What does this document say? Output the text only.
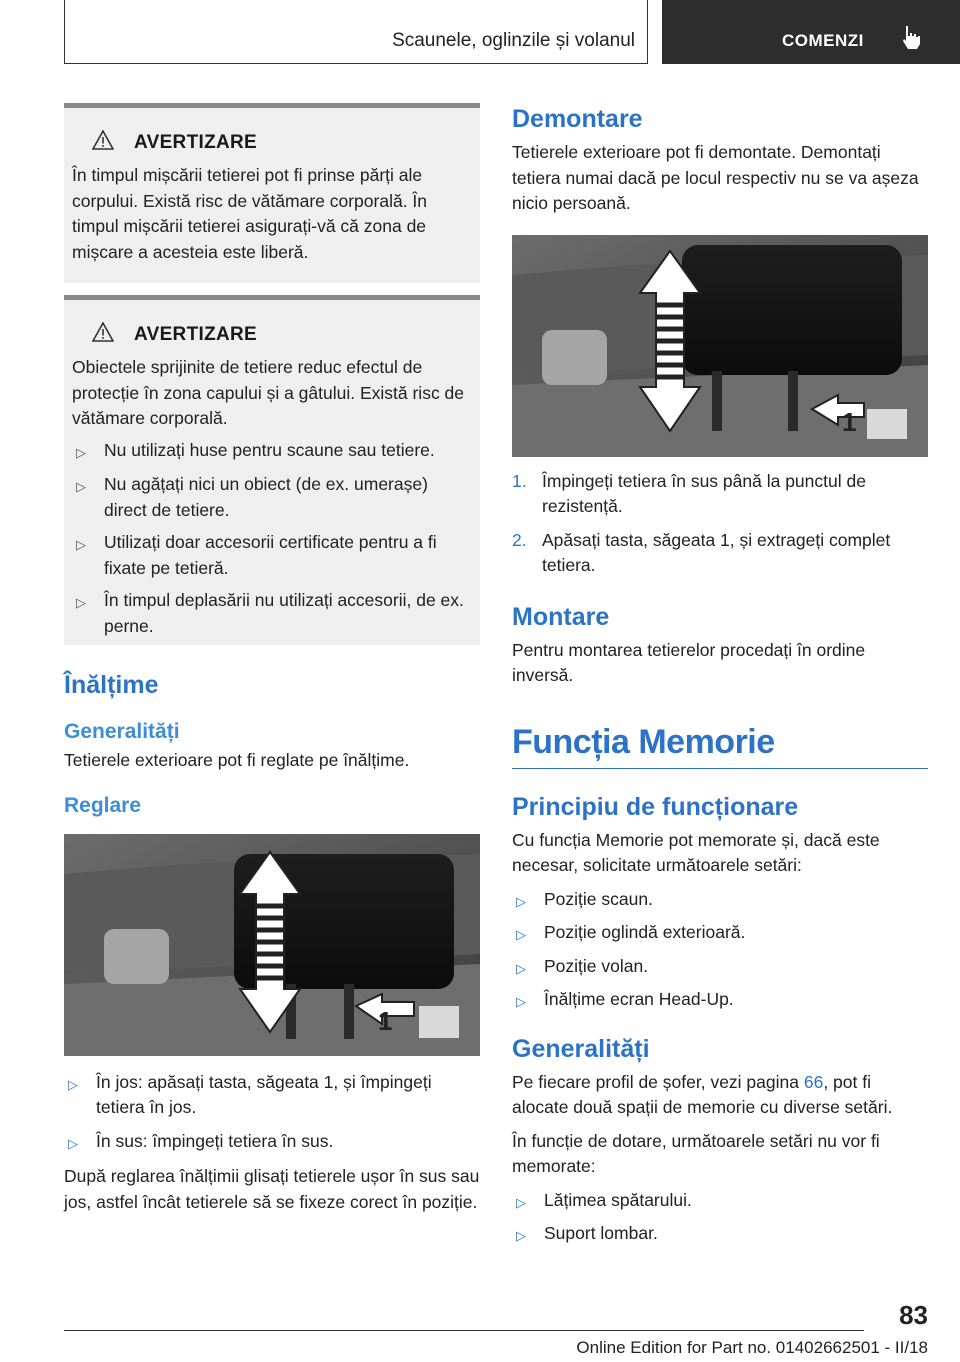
Scaunele, oglinzile și volanul	COMENZI
AVERTIZARE

În timpul mișcării tetierei pot fi prinse părți ale corpului. Există risc de vătămare corporală. În timpul mișcării tetierei asigurați-vă că zona de mișcare a acesteia este liberă.

AVERTIZARE

Obiectele sprijinite de tetiere reduc efectul de protecție în zona capului și a gâtului. Există risc de vătămare corporală.

▷	Nu utilizați huse pentru scaune sau tetiere.
▷	Nu agățați nici un obiect (de ex. umerașe) direct de tetiere.
▷	Utilizați doar accesorii certificate pentru a fi fixate pe tetieră.
▷	În timpul deplasării nu utilizați accesorii, de ex. perne.
Înălțime
Generalități

Tetierele exterioare pot fi reglate pe înălțime.

Reglare
1
▷	În jos: apăsați tasta, săgeata 1, și împingeți tetiera în jos.
▷	În sus: împingeți tetiera în sus.

După reglarea înălțimii glisați tetierele ușor în sus sau jos, astfel încât tetierele să se fixeze corect în poziție.

Demontare

Tetierele exterioare pot fi demontate. Demontați tetiera numai dacă pe locul respectiv nu se va așeza nicio persoană.

1
1. Împingeți tetiera în sus până la punctul de rezistență.
2. Apăsați tasta, săgeata 1, și extrageți complet tetiera.
Montare

Pentru montarea tetierelor procedați în ordine inversă.

Funcția Memorie
Principiu de funcționare

Cu funcția Memorie pot memorate și, dacă este necesar, solicitate următoarele setări:

▷	Poziție scaun.
▷	Poziție oglindă exterioară.
▷	Poziție volan.
▷	Înălțime ecran Head-Up.
Generalități

Pe fiecare profil de șofer, vezi pagina 66, pot fi alocate două spații de memorie cu diverse setări.

În funcție de dotare, următoarele setări nu vor fi memorate:

▷	Lățimea spătarului.
▷	Suport lombar.
83
Online Edition for Part no. 01402662501 - II/18
